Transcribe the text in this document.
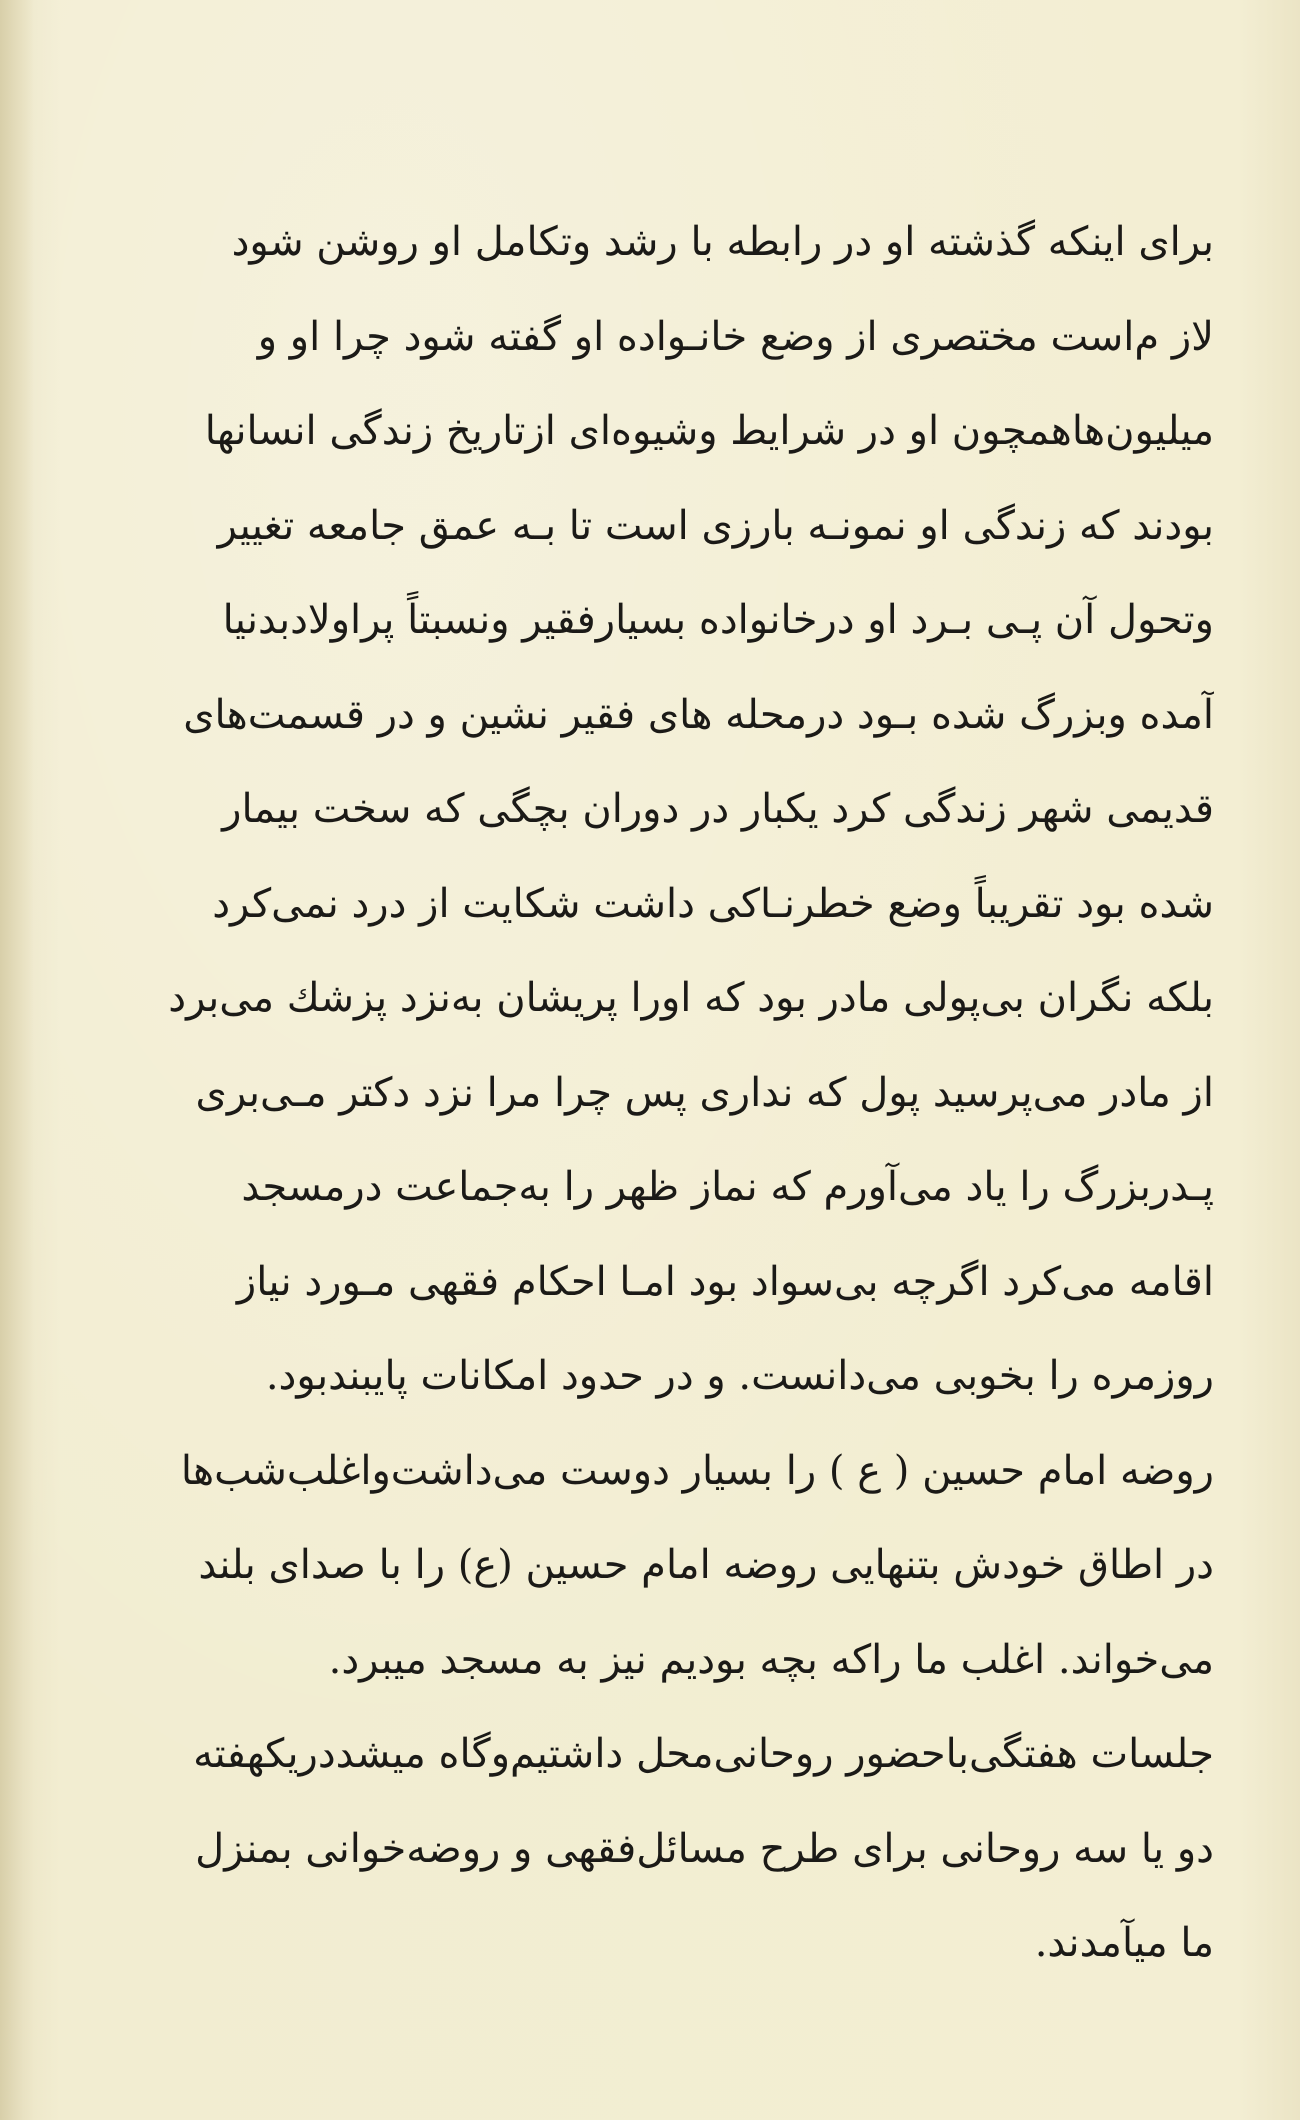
برای اینکه گذشته او در رابطه با رشد وتکامل او روشن شود
لاز م‌است مختصری از وضع خانـواده او گفته شود چرا او و
میلیون‌هاهمچون او در شرایط وشیوه‌ای ازتاریخ زندگی انسانها
بودند که زندگی او نمونـه بارزی است تا بـه عمق جامعه تغییر
وتحول آن پـی بـرد او درخانواده بسیارفقیر ونسبتاً پراولادبدنیا
آمده وبزرگ شده بـود درمحله های فقیر نشین و در قسمت‌های
قدیمی شهر زندگی کرد یکبار در دوران بچگی که سخت بیمار
شده بود تقریباً وضع خطرنـاکی داشت شکایت از درد نمی‌کرد
بلکه نگران بی‌پولی مادر بود که اورا پریشان به‌نزد پزشك می‌برد
از مادر می‌پرسید پول که نداری پس چرا مرا نزد دکتر مـی‌بری
پـدربزرگ را یاد می‌آورم که نماز ظهر را به‌جماعت درمسجد
اقامه می‌کرد اگرچه بی‌سواد بود امـا احکام فقهی مـورد نیاز
روزمره را بخوبی می‌دانست. و در حدود امکانات پایبندبود.
روضه امام حسین ( ع ) را بسیار دوست می‌داشت‌واغلب‌شب‌ها
در اطاق خودش بتنهایی روضه امام حسین (ع) را با صدای بلند
می‌خواند. اغلب ما راکه بچه بودیم نیز به مسجد میبرد.
جلسات هفتگی‌باحضور روحانی‌محل داشتیم‌وگاه میشددریکهفته
دو یا سه روحانی برای طرح مسائل‌فقهی و روضه‌خوانی بمنزل
ما میآمدند.
